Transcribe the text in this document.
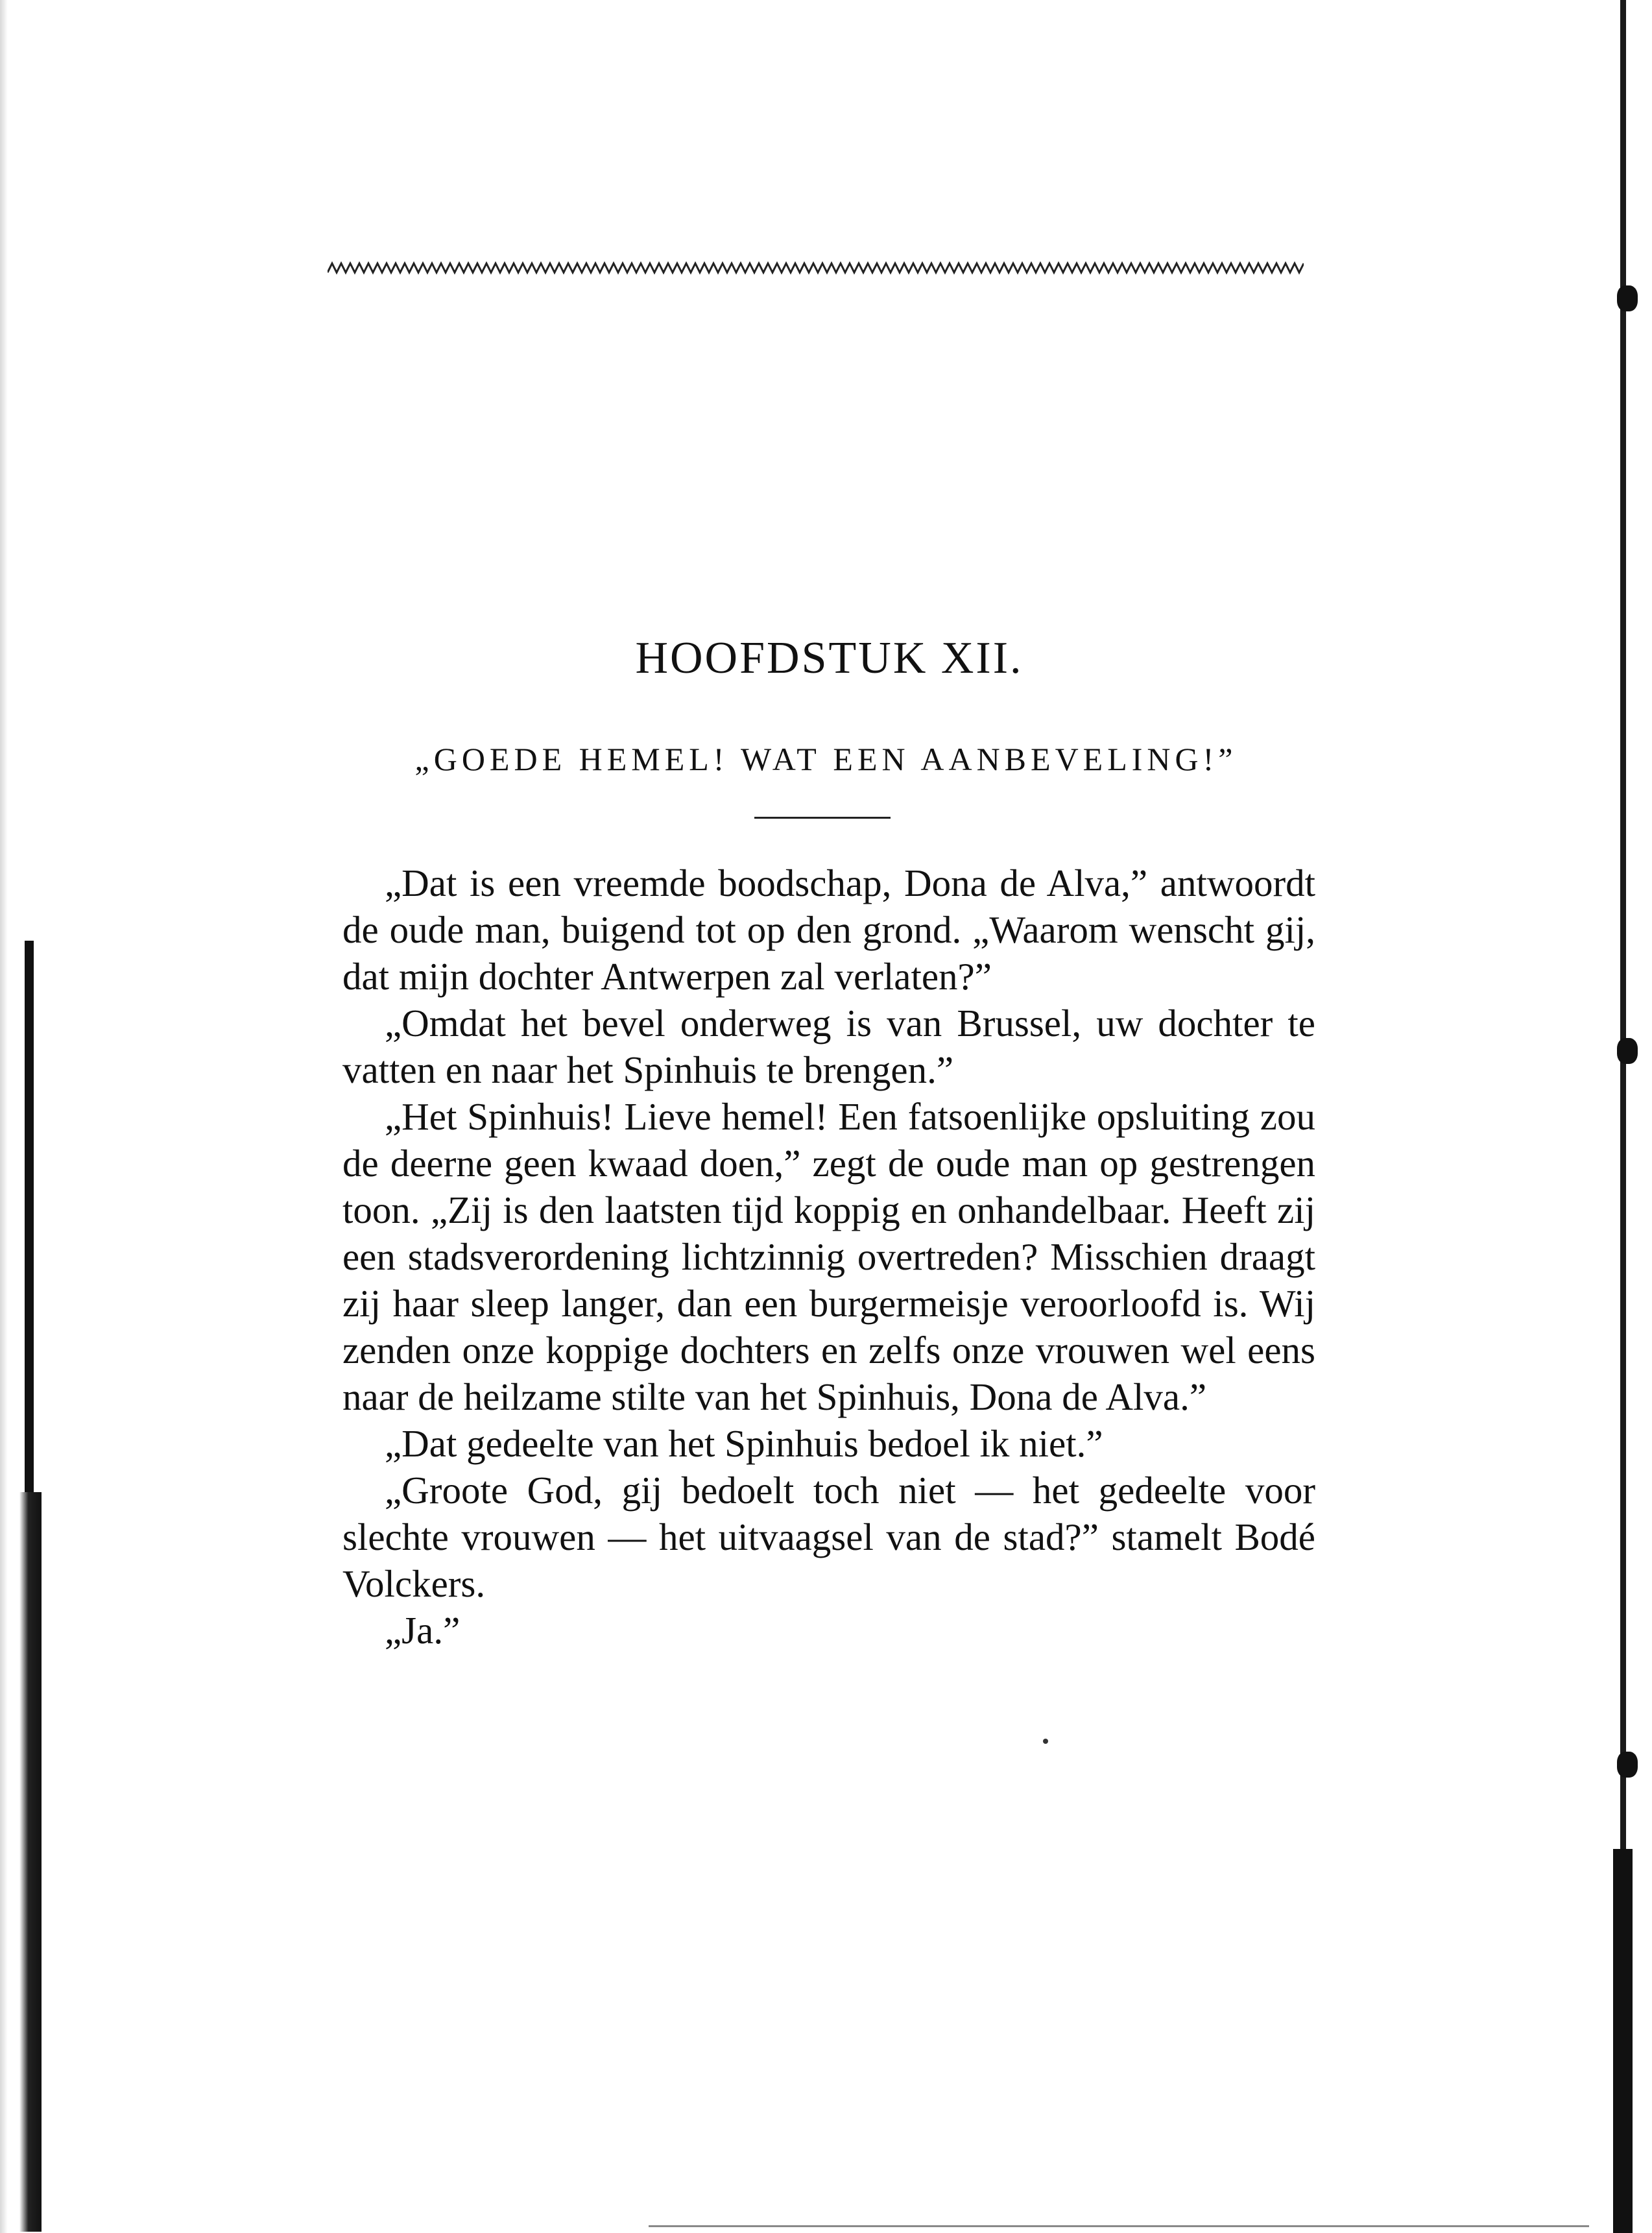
HOOFDSTUK XII.
„GOEDE HEMEL! WAT EEN AANBEVELING!”

„Dat is een vreemde boodschap, Dona de Alva,” antwoordt de oude man, buigend tot op den grond. „Waarom wenscht gij, dat mijn dochter Antwerpen zal verlaten?”

„Omdat het bevel onderweg is van Brussel, uw dochter te vatten en naar het Spinhuis te brengen.”

„Het Spinhuis! Lieve hemel! Een fatsoenlijke opsluiting zou de deerne geen kwaad doen,” zegt de oude man op gestrengen toon. „Zij is den laatsten tijd koppig en onhandelbaar. Heeft zij een stadsverordening lichtzinnig overtreden? Misschien draagt zij haar sleep langer, dan een burgermeisje veroorloofd is. Wij zenden onze koppige dochters en zelfs onze vrouwen wel eens naar de heilzame stilte van het Spinhuis, Dona de Alva.”

„Dat gedeelte van het Spinhuis bedoel ik niet.”

„Groote God, gij bedoelt toch niet — het gedeelte voor slechte vrouwen — het uitvaagsel van de stad?” stamelt Bodé Volckers.

„Ja.”
